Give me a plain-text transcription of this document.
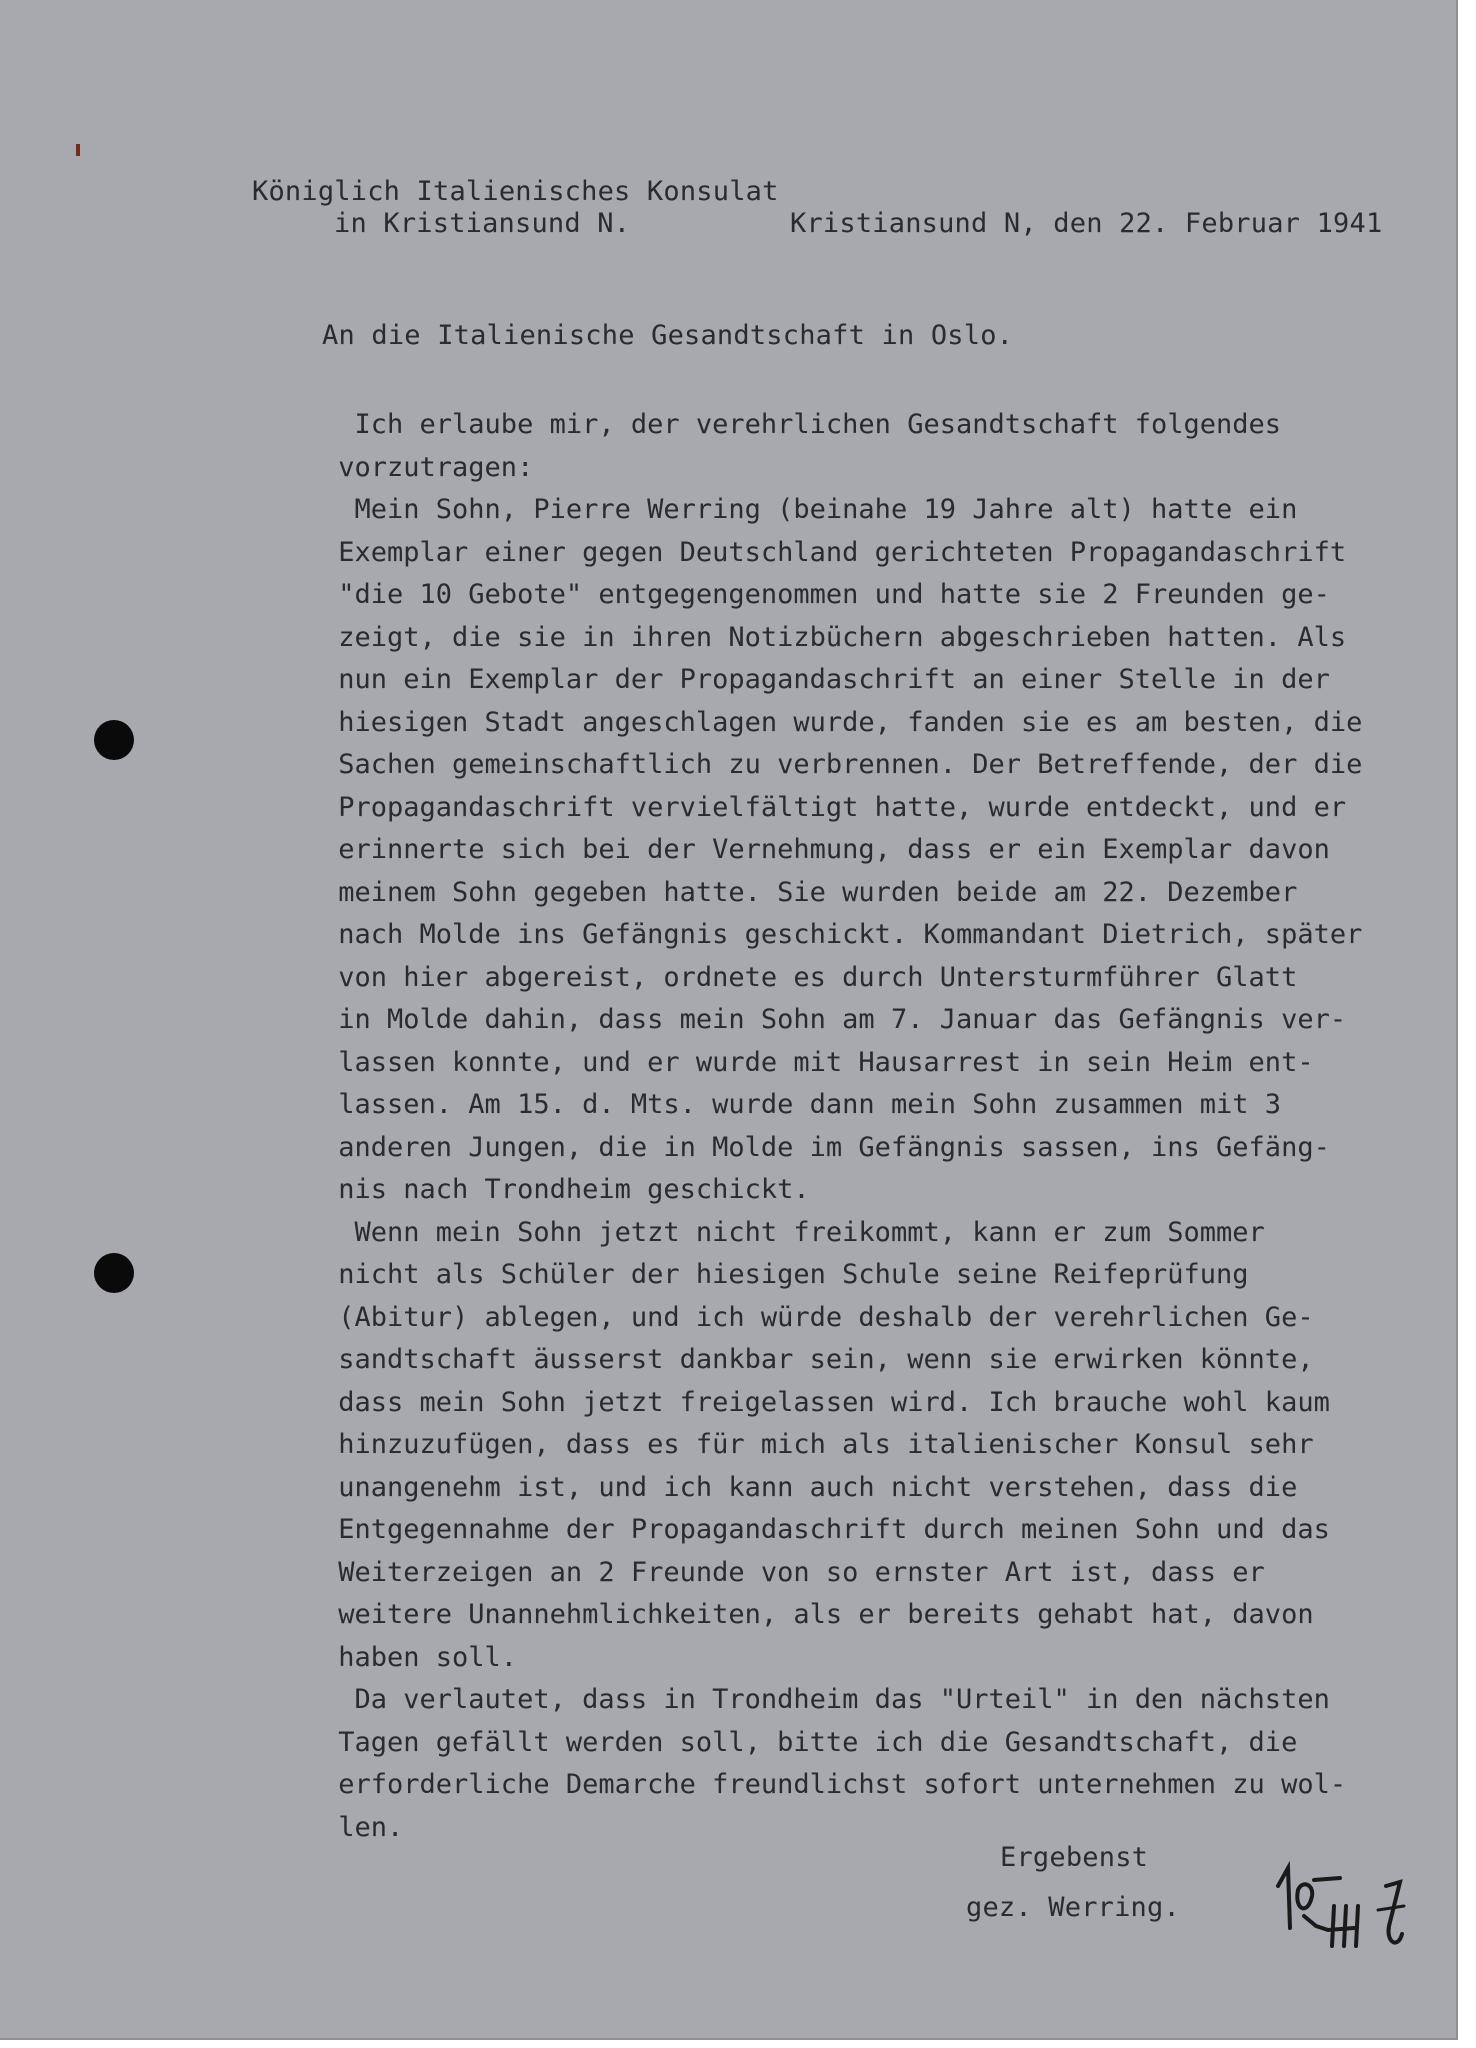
Königlich Italienisches Konsulat
in Kristiansund N.	Kristiansund N, den 22. Februar 1941
An die Italienische Gesandtschaft in Oslo.
Ich erlaube mir, der verehrlichen Gesandtschaft folgendes
vorzutragen:
Mein Sohn, Pierre Werring (beinahe 19 Jahre alt) hatte ein
Exemplar einer gegen Deutschland gerichteten Propagandaschrift
"die 10 Gebote" entgegengenommen und hatte sie 2 Freunden ge-
zeigt, die sie in ihren Notizbüchern abgeschrieben hatten. Als
nun ein Exemplar der Propagandaschrift an einer Stelle in der
hiesigen Stadt angeschlagen wurde, fanden sie es am besten, die
Sachen gemeinschaftlich zu verbrennen. Der Betreffende, der die
Propagandaschrift vervielfältigt hatte, wurde entdeckt, und er
erinnerte sich bei der Vernehmung, dass er ein Exemplar davon
meinem Sohn gegeben hatte. Sie wurden beide am 22. Dezember
nach Molde ins Gefängnis geschickt. Kommandant Dietrich, später
von hier abgereist, ordnete es durch Untersturmführer Glatt
in Molde dahin, dass mein Sohn am 7. Januar das Gefängnis ver-
lassen konnte, und er wurde mit Hausarrest in sein Heim ent-
lassen. Am 15. d. Mts. wurde dann mein Sohn zusammen mit 3
anderen Jungen, die in Molde im Gefängnis sassen, ins Gefäng-
nis nach Trondheim geschickt.
Wenn mein Sohn jetzt nicht freikommt, kann er zum Sommer
nicht als Schüler der hiesigen Schule seine Reifeprüfung
(Abitur) ablegen, und ich würde deshalb der verehrlichen Ge-
sandtschaft äusserst dankbar sein, wenn sie erwirken könnte,
dass mein Sohn jetzt freigelassen wird. Ich brauche wohl kaum
hinzuzufügen, dass es für mich als italienischer Konsul sehr
unangenehm ist, und ich kann auch nicht verstehen, dass die
Entgegennahme der Propagandaschrift durch meinen Sohn und das
Weiterzeigen an 2 Freunde von so ernster Art ist, dass er
weitere Unannehmlichkeiten, als er bereits gehabt hat, davon
haben soll.
Da verlautet, dass in Trondheim das "Urteil" in den nächsten
Tagen gefällt werden soll, bitte ich die Gesandtschaft, die
erforderliche Demarche freundlichst sofort unternehmen zu wol-
len.
Ergebenst
gez. Werring.
